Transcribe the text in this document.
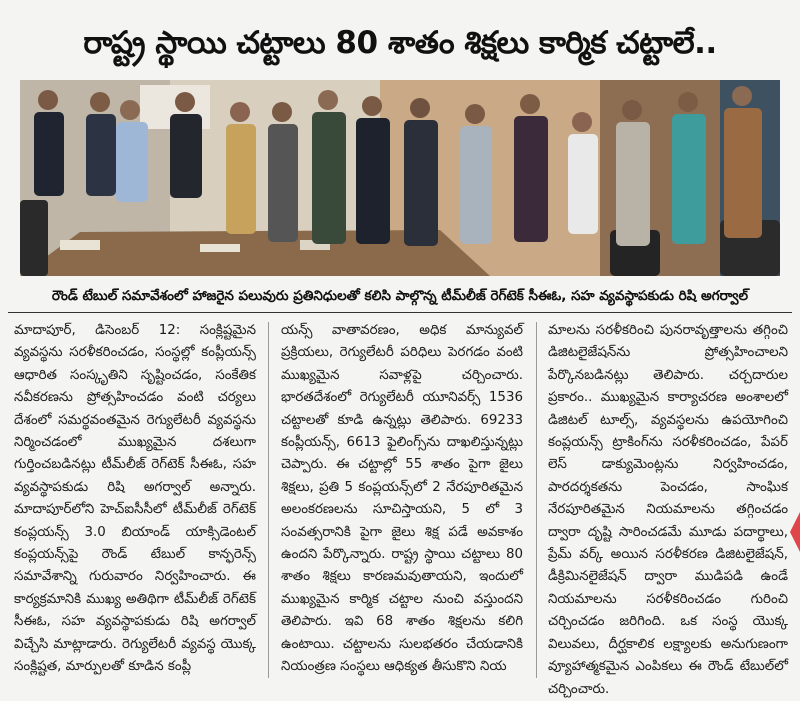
రాష్ట్ర స్థాయి చట్టాలు 80 శాతం శిక్షలు కార్మిక చట్టాలే..
రౌండ్ టేబుల్ సమావేశంలో హాజరైన పలువురు ప్రతినిధులతో కలిసి పాల్గొన్న టీమ్‌లీజ్ రెగ్‌టెక్ సీఈఓ, సహ వ్యవస్థాపకుడు రిషి అగర్వాల్
మాదాపూర్, డిసెంబర్ 12: సంక్లిష్టమైన వ్యవస్థను సరళీకరించడం, సంస్థల్లో కంప్లీయన్స్ ఆధారిత సంస్కృతిని సృష్టించడం, సంకేతిక నవీకరణను ప్రోత్సహించడం వంటి చర్యలు దేశంలో సమర్థవంతమైన రెగ్యులేటరీ వ్యవస్థను నిర్మించడంలో ముఖ్యమైన దశలుగా గుర్తించబడినట్లు టీమ్‌లీజ్ రెగ్‌టెక్ సీఈఓ, సహ వ్యవస్థాపకుడు రిషి అగర్వాల్ అన్నారు. మాదాపూర్‌లోని హెచ్ఐసీసీలో టీమ్‌లీజ్ రెగ్‌టెక్ కంప్లయన్స్ 3.0 బియాండ్ యాక్సిడెంటల్ కంప్లయన్స్‌పై రౌండ్ టేబుల్ కాన్ఫరెన్స్ సమావేశాన్ని గురువారం నిర్వహించారు. ఈ కార్యక్రమానికి ముఖ్య అతిథిగా టీమ్‌లీజ్ రెగ్‌టెక్ సీఈఓ, సహ వ్యవస్థాపకుడు రిషి అగర్వాల్ విచ్చేసి మాట్లాడారు. రెగ్యులేటరీ వ్యవస్థ యొక్క సంక్లిష్టత, మార్పులతో కూడిన కంప్లీ
యన్స్ వాతావరణం, అధిక మాన్యువల్ ప్రక్రియలు, రెగ్యులేటరీ పరిధిలు పెరగడం వంటి ముఖ్యమైన సవాళ్లపై చర్చించారు. భారతదేశంలో రెగ్యులేటరీ యూనివర్స్ 1536 చట్టాలతో కూడి ఉన్నట్లు తెలిపారు. 69233 కంప్లీయన్స్, 6613 ఫైలింగ్స్‌ను దాఖలిస్తున్నట్లు చెప్పారు. ఈ చట్టాల్లో 55 శాతం పైగా జైలు శిక్షలు, ప్రతి 5 కంప్లయన్స్‌లో 2 నేరపూరితమైన అలంకరణలను సూచిస్తాయని, 5 లో 3 సంవత్సరానికి పైగా జైలు శిక్ష పడే అవకాశం ఉందని పేర్కొన్నారు. రాష్ట్ర స్థాయి చట్టాలు 80 శాతం శిక్షలు కారణమవుతాయని, ఇందులో ముఖ్యమైన కార్మిక చట్టాల నుంచి వస్తుందని తెలిపారు. ఇవి 68 శాతం శిక్షలను కలిగి ఉంటాయి. చట్టాలను సులభతరం చేయడానికి నియంత్రణ సంస్థలు ఆధిక్యత తీసుకొని నియ
మాలను సరళీకరించి పునరావృత్తాలను తగ్గించి డిజిటలైజేషన్‌ను ప్రోత్సహించాలని పేర్కొనబడినట్లు తెలిపారు. చర్చదారుల ప్రకారం.. ముఖ్యమైన కార్యాచరణ అంశాలలో డిజిటల్ టూల్స్, వ్యవస్థలను ఉపయోగించి కంప్లయన్స్ ట్రాకింగ్‌ను సరళీకరించడం, పేపర్ లెస్ డాక్యుమెంట్లను నిర్వహించడం, పారదర్శకతను పెంచడం, సాంఘిక నేరపూరితమైన నియమాలను తగ్గించడం ద్వారా దృష్టి సారించడమే మూడు పదార్థాలు, ప్రేమ్ వర్క్ అయిన సరళీకరణ డిజిటలైజేషన్, డీక్రిమినలైజేషన్ ద్వారా ముడిపడి ఉండే నియమాలను సరళీకరించడం గురించి చర్చించడం జరిగింది. ఒక సంస్థ యొక్క విలువలు, దీర్ఘకాలిక లక్ష్యాలకు అనుగుణంగా వ్యూహాత్మకమైన ఎంపికలు ఈ రౌండ్ టేబుల్‌లో చర్చించారు.
